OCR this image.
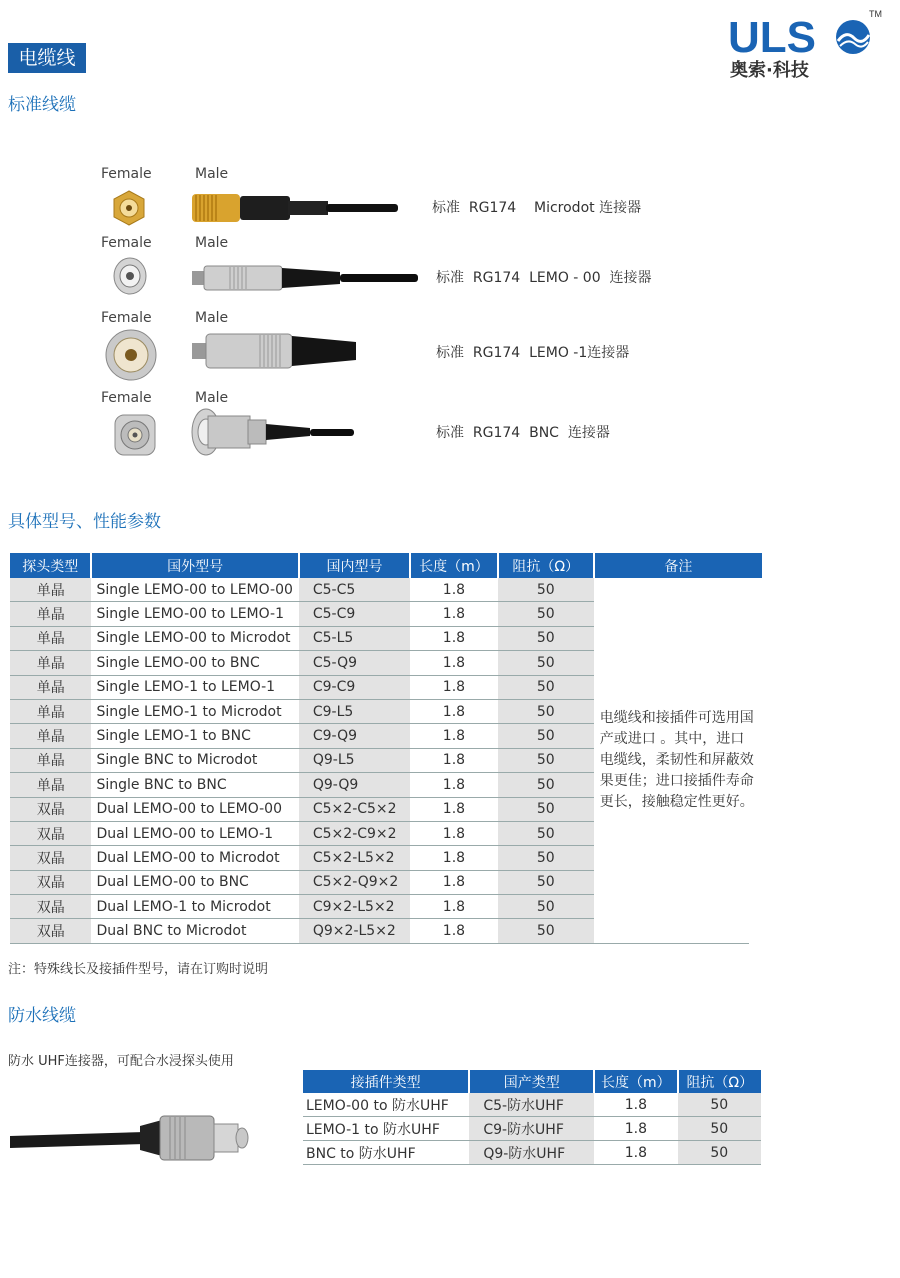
电缆线
标准线缆
ULS	TM
奥索·科技
Female	Male
标准  RG174    Microdot 连接器
Female	Male
标准  RG174  LEMO - 00  连接器
Female	Male
标准  RG174  LEMO -1连接器
Female	Male
标准  RG174  BNC  连接器
具体型号、性能参数
探头类型	国外型号	国内型号	长度（m）	阻抗（Ω）	备注
单晶	Single LEMO-00 to LEMO-00	C5-C5	1.8	50	电缆线和接插件可选用国产或进口 。其中，进口电缆线，柔韧性和屏蔽效果更佳；进口接插件寿命更长，接触稳定性更好。
单晶	Single LEMO-00 to LEMO-1	C5-C9	1.8	50	
单晶	Single LEMO-00 to Microdot	C5-L5	1.8	50	
单晶	Single LEMO-00 to BNC	C5-Q9	1.8	50	
单晶	Single LEMO-1 to LEMO-1	C9-C9	1.8	50	
单晶	Single LEMO-1 to Microdot	C9-L5	1.8	50	
单晶	Single LEMO-1 to BNC	C9-Q9	1.8	50	
单晶	Single BNC to Microdot	Q9-L5	1.8	50	
单晶	Single BNC to BNC	Q9-Q9	1.8	50	
双晶	Dual LEMO-00 to LEMO-00	C5×2-C5×2	1.8	50	
双晶	Dual LEMO-00 to LEMO-1	C5×2-C9×2	1.8	50	
双晶	Dual LEMO-00 to Microdot	C5×2-L5×2	1.8	50	
双晶	Dual LEMO-00 to BNC	C5×2-Q9×2	1.8	50	
双晶	Dual LEMO-1 to Microdot	C9×2-L5×2	1.8	50	
双晶	Dual BNC to Microdot	Q9×2-L5×2	1.8	50	
注：特殊线长及接插件型号，请在订购时说明
防水线缆
防水 UHF连接器，可配合水浸探头使用
接插件类型	国产类型	长度（m）	阻抗（Ω）
LEMO-00 to 防水UHF	C5-防水UHF	1.8	50
LEMO-1 to 防水UHF	C9-防水UHF	1.8	50
BNC to 防水UHF	Q9-防水UHF	1.8	50
